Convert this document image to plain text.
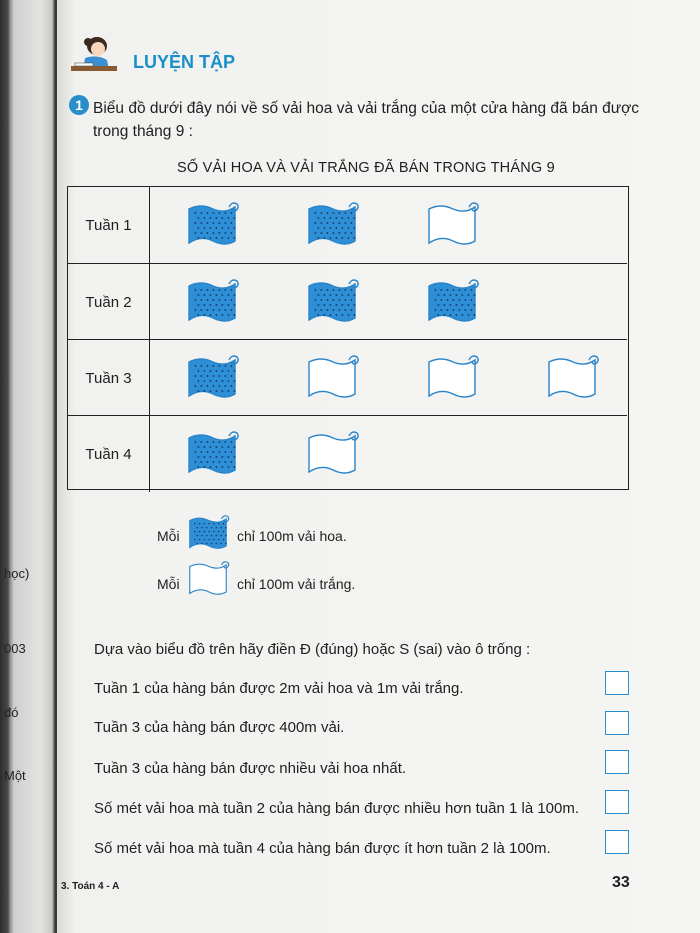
học)
003
đó
Một
LUYỆN TẬP
1 Biểu đồ dưới đây nói về số vải hoa và vải trắng của một cửa hàng đã bán được trong tháng 9 :
SỐ VẢI HOA VÀ VẢI TRẮNG ĐÃ BÁN TRONG THÁNG 9
Tuần 1
Tuần 2
Tuần 3
Tuần 4
Mỗi	chỉ 100m vải hoa.
Mỗi	chỉ 100m vải trắng.
Dựa vào biểu đồ trên hãy điền Đ (đúng) hoặc S (sai) vào ô trống :
Tuần 1 của hàng bán được 2m vải hoa và 1m vải trắng.
Tuần 3 của hàng bán được 400m vải.
Tuần 3 của hàng bán được nhiều vải hoa nhất.
Số mét vải hoa mà tuần 2 của hàng bán được nhiều hơn tuần 1 là 100m.
Số mét vải hoa mà tuần 4 của hàng bán được ít hơn tuần 2 là 100m.
3. Toán 4 - A	33
